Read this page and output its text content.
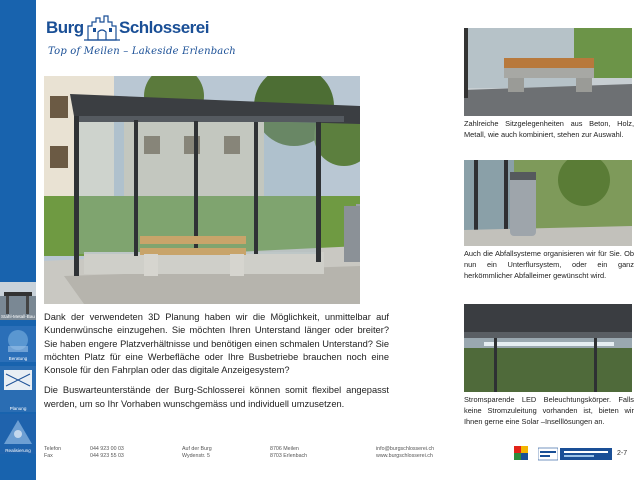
Stahl-Metall-Bau
Beratung
Planung
Realisierung
Burg Schlosserei
Top of Meilen – Lakeside Erlenbach

Dank der verwendeten 3D Planung haben wir die Möglichkeit, unmittelbar auf Kundenwünsche einzugehen. Sie möchten Ihren Unterstand länger oder breiter? Sie haben engere Platzverhältnisse und benötigen einen schmalen Unterstand? Sie möchten Platz für eine Werbefläche oder Ihre Busbetriebe brauchen noch eine Konsole für den Fahrplan oder das digitale Anzeigesystem?

Die Buswarteunterstände der Burg-Schlosserei können somit flexibel angepasst werden, um so Ihr Vorhaben wunschgemäss und individuell umzusetzen.

Zahlreiche Sitzgelegenheiten aus Beton, Holz, Metall, wie auch kombiniert, stehen zur Auswahl.
Auch die Abfallsysteme organisieren wir für Sie. Ob nun ein Unterflursystem, oder ein ganz herkömmlicher Abfalleimer gewünscht wird.
Stromsparende LED Beleuchtungskörper. Falls keine Stromzuleitung vorhanden ist, bieten wir Ihnen gerne eine Solar –Inselllösungen an.
Telefon
Fax
044 923 00 03
044 923 55 03
Auf der Burg
Wydenstr. 5
8706 Meilen
8703 Erlenbach
info@burgschlosserei.ch
www.burgschlosserei.ch	2-7
